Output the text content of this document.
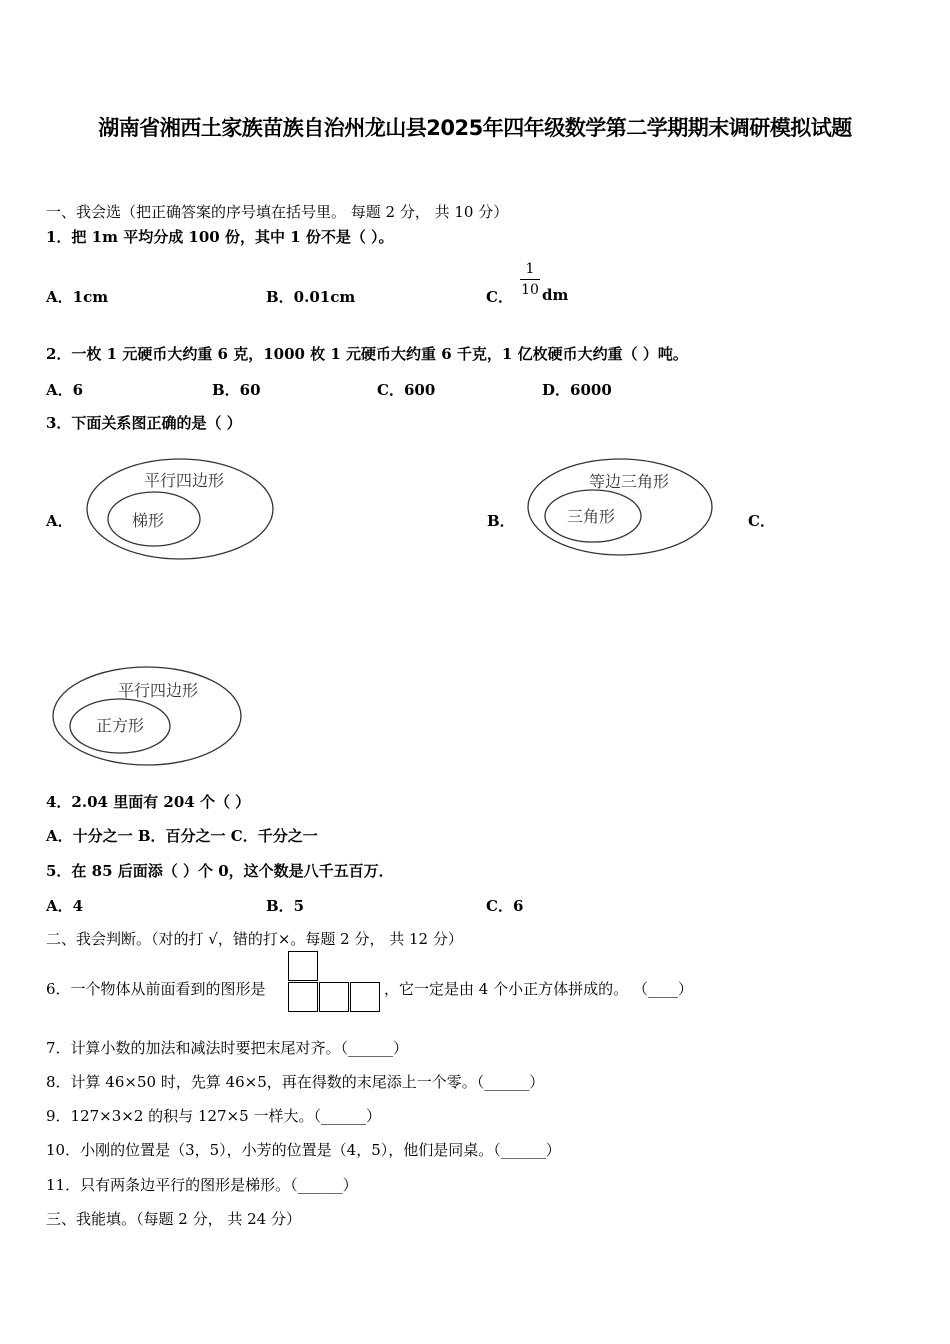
湖南省湘西土家族苗族自治州龙山县2025年四年级数学第二学期期末调研模拟试题
一、我会选（把正确答案的序号填在括号里。 每题 2 分， 共 10 分）
1．把 1m 平均分成 100 份，其中 1 份不是（ ）。
A．1cm	B．0.01cm	C．
1
10 dm
2．一枚 1 元硬币大约重 6 克，1000 枚 1 元硬币大约重 6 千克，1 亿枚硬币大约重（ ）吨。
A．6	B．60	C．600	D．6000
3．下面关系图正确的是（ ）
A．	B．	C．
平行四边形
梯形
等边三角形
三角形
平行四边形
正方形
4．2.04 里面有 204 个（ ）
A．十分之一 B．百分之一 C．千分之一
5．在 85 后面添（ ）个 0，这个数是八千五百万．
A．4	B．5	C．6
二、我会判断。（对的打 √，错的打×。每题 2 分， 共 12 分）
6．一个物体从前面看到的图形是	，它一定是由 4 个小正方体拼成的。 （____）
7．计算小数的加法和减法时要把末尾对齐。（______）
8．计算 46×50 时，先算 46×5，再在得数的末尾添上一个零。（______）
9．127×3×2 的积与 127×5 一样大。（______）
10．小刚的位置是（3，5），小芳的位置是（4，5），他们是同桌。（______）
11．只有两条边平行的图形是梯形。（______）
三、我能填。（每题 2 分， 共 24 分）
